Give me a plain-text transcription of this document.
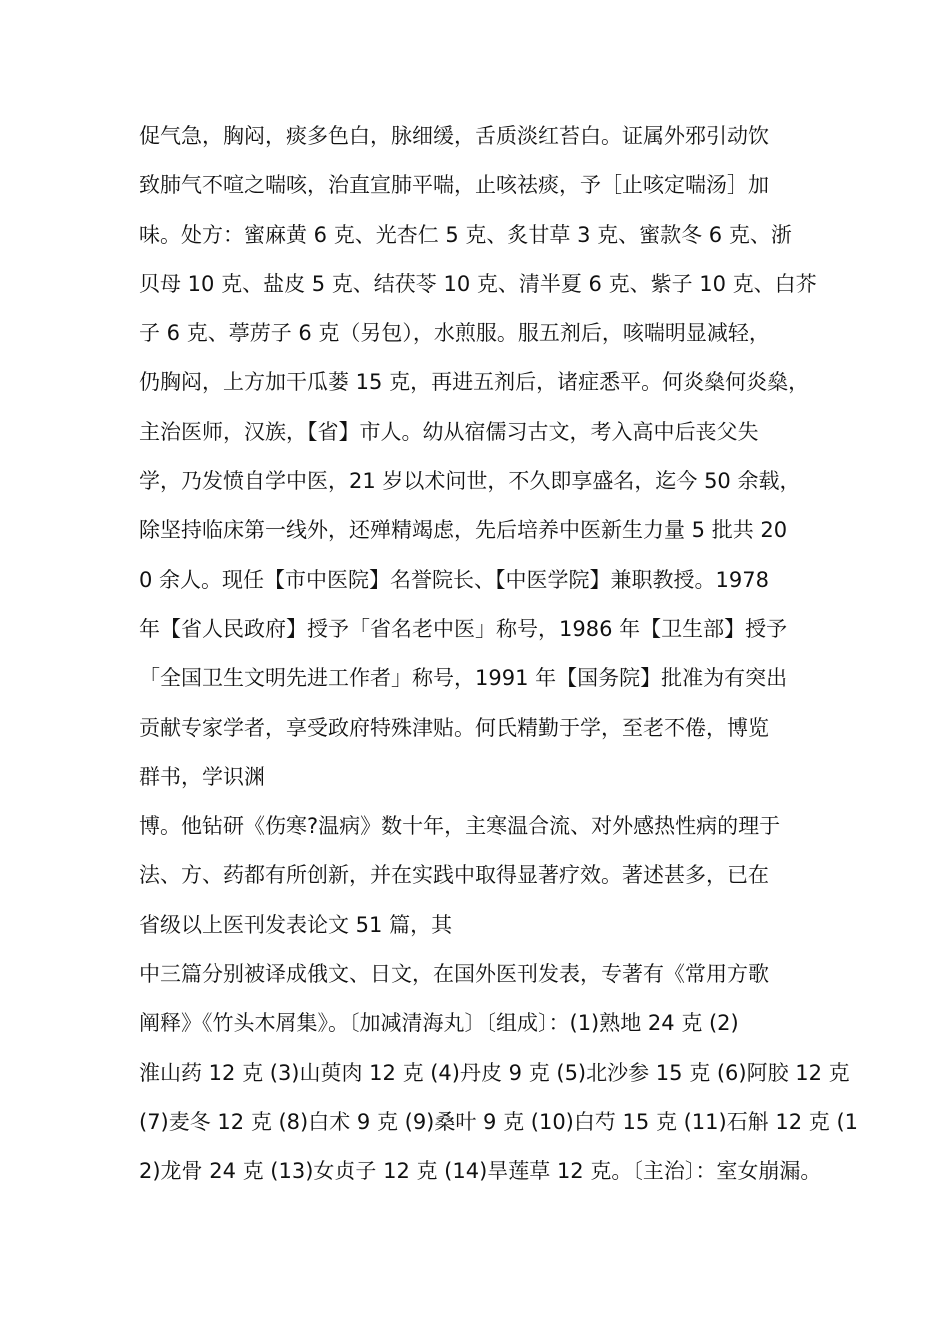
促气急，胸闷，痰多色白，脉细缓，舌质淡红苔白。证属外邪引动饮
致肺气不喧之喘咳，治直宣肺平喘，止咳祛痰，予［止咳定喘汤］加
味。处方：蜜麻黄 6 克、光杏仁 5 克、炙甘草 3 克、蜜款冬 6 克、浙
贝母 10 克、盐皮 5 克、结茯苓 10 克、清半夏 6 克、紫子 10 克、白芥
子 6 克、葶苈子 6 克（另包），水煎服。服五剂后，咳喘明显减轻，
仍胸闷，上方加干瓜蒌 15 克，再进五剂后，诸症悉平。何炎燊何炎燊，
主治医师，汉族，【省】市人。幼从宿儒习古文，考入高中后丧父失
学，乃发愤自学中医，21 岁以术问世，不久即享盛名，迄今 50 余载，
除坚持临床第一线外，还殚精竭虑，先后培养中医新生力量 5 批共 20
0 余人。现任【市中医院】名誉院长、【中医学院】兼职教授。1978
年【省人民政府】授予「省名老中医」称号，1986 年【卫生部】授予
「全国卫生文明先进工作者」称号，1991 年【国务院】批准为有突出
贡献专家学者，享受政府特殊津贴。何氏精勤于学，至老不倦，博览
群书，学识渊
博。他钻研《伤寒?温病》数十年，主寒温合流、对外感热性病的理于
法、方、药都有所创新，并在实践中取得显著疗效。著述甚多，已在
省级以上医刊发表论文 51 篇，其
中三篇分别被译成俄文、日文，在国外医刊发表，专著有《常用方歌
阐释》《竹头木屑集》。〔加减清海丸〕〔组成〕：(1)熟地 24 克 (2)
淮山药 12 克 (3)山萸肉 12 克 (4)丹皮 9 克 (5)北沙参 15 克 (6)阿胶 12 克
(7)麦冬 12 克 (8)白术 9 克 (9)桑叶 9 克 (10)白芍 15 克 (11)石斛 12 克 (1
2)龙骨 24 克 (13)女贞子 12 克 (14)旱莲草 12 克。〔主治〕：室女崩漏。
